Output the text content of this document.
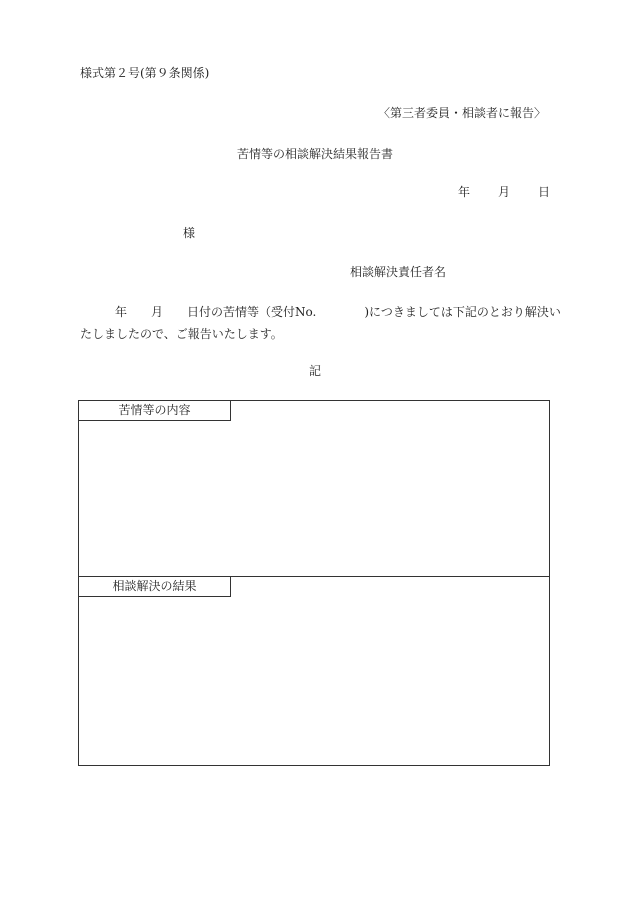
様式第２号(第９条関係)
〈第三者委員・相談者に報告〉
苦情等の相談解決結果報告書
年 月 日
様
相談解決責任者名
年 月 日付の苦情等（受付No.	)につきましては下記のとおり解決い
たしましたので、ご報告いたします。
記
苦情等の内容
相談解決の結果
